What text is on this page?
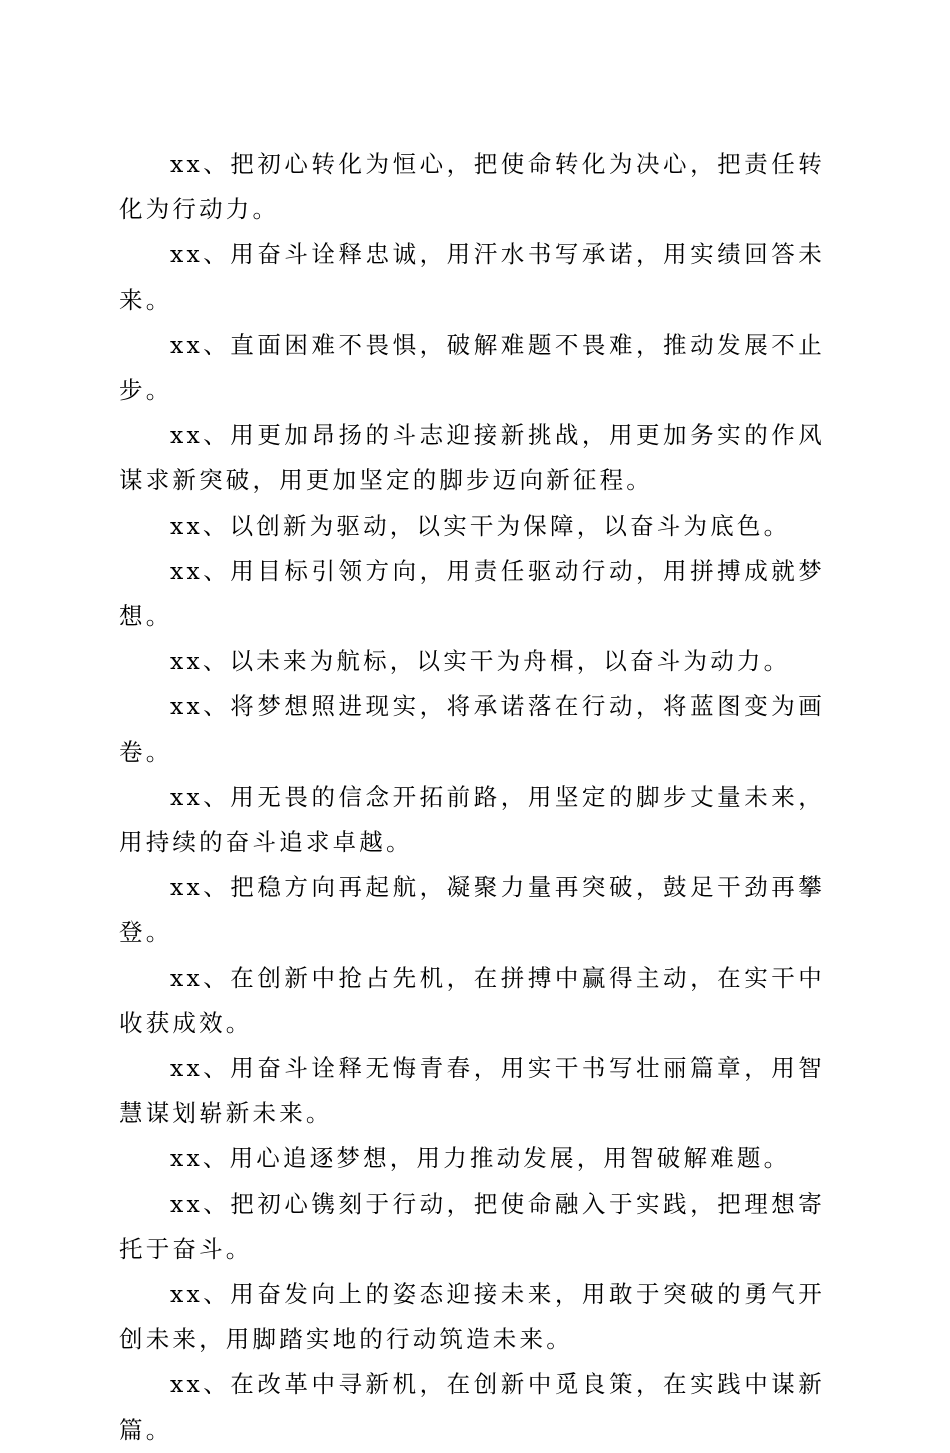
xx、把初心转化为恒心，把使命转化为决心，把责任转化为行动力。

xx、用奋斗诠释忠诚，用汗水书写承诺，用实绩回答未来。

xx、直面困难不畏惧，破解难题不畏难，推动发展不止步。

xx、用更加昂扬的斗志迎接新挑战，用更加务实的作风谋求新突破，用更加坚定的脚步迈向新征程。

xx、以创新为驱动，以实干为保障，以奋斗为底色。

xx、用目标引领方向，用责任驱动行动，用拼搏成就梦想。

xx、以未来为航标，以实干为舟楫，以奋斗为动力。

xx、将梦想照进现实，将承诺落在行动，将蓝图变为画卷。

xx、用无畏的信念开拓前路，用坚定的脚步丈量未来，用持续的奋斗追求卓越。

xx、把稳方向再起航，凝聚力量再突破，鼓足干劲再攀登。

xx、在创新中抢占先机，在拼搏中赢得主动，在实干中收获成效。

xx、用奋斗诠释无悔青春，用实干书写壮丽篇章，用智慧谋划崭新未来。

xx、用心追逐梦想，用力推动发展，用智破解难题。

xx、把初心镌刻于行动，把使命融入于实践，把理想寄托于奋斗。

xx、用奋发向上的姿态迎接未来，用敢于突破的勇气开创未来，用脚踏实地的行动筑造未来。

xx、在改革中寻新机，在创新中觅良策，在实践中谋新篇。
